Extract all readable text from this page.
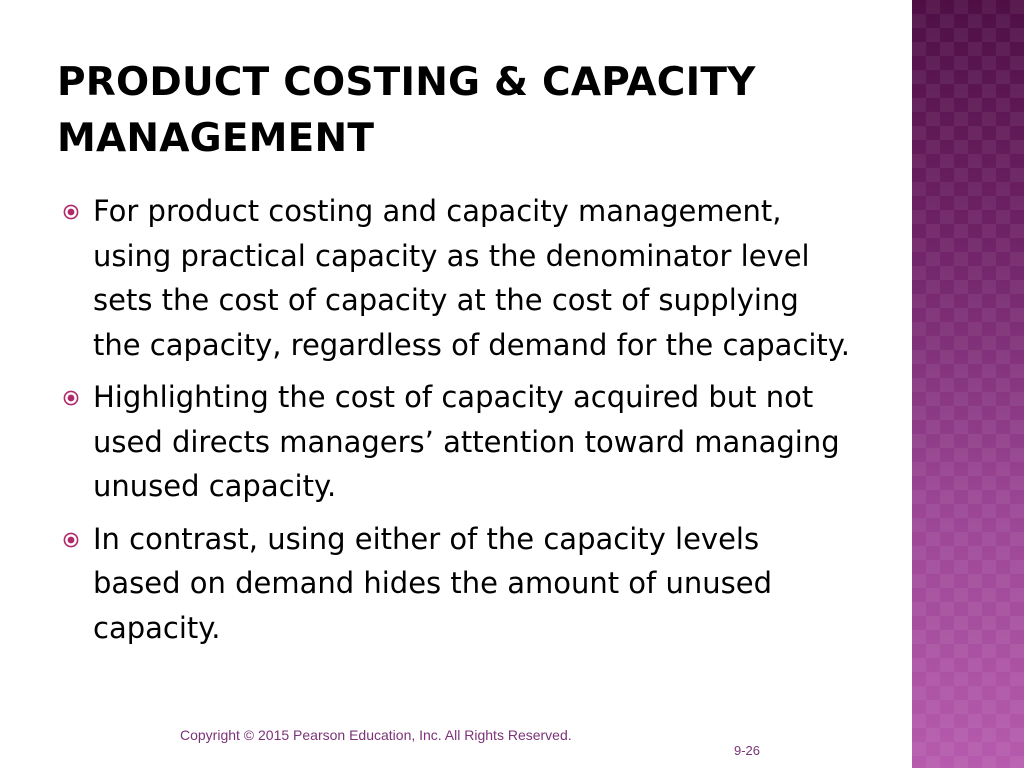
PRODUCT COSTING & CAPACITY
MANAGEMENT
For product costing and capacity management, using practical capacity as the denominator level sets the cost of capacity at the cost of supplying the capacity, regardless of demand for the capacity.
Highlighting the cost of capacity acquired but not used directs managers’ attention toward managing unused capacity.
In contrast, using either of the capacity levels based on demand hides the amount of unused capacity.
Copyright © 2015 Pearson Education, Inc. All Rights Reserved.
9-26
